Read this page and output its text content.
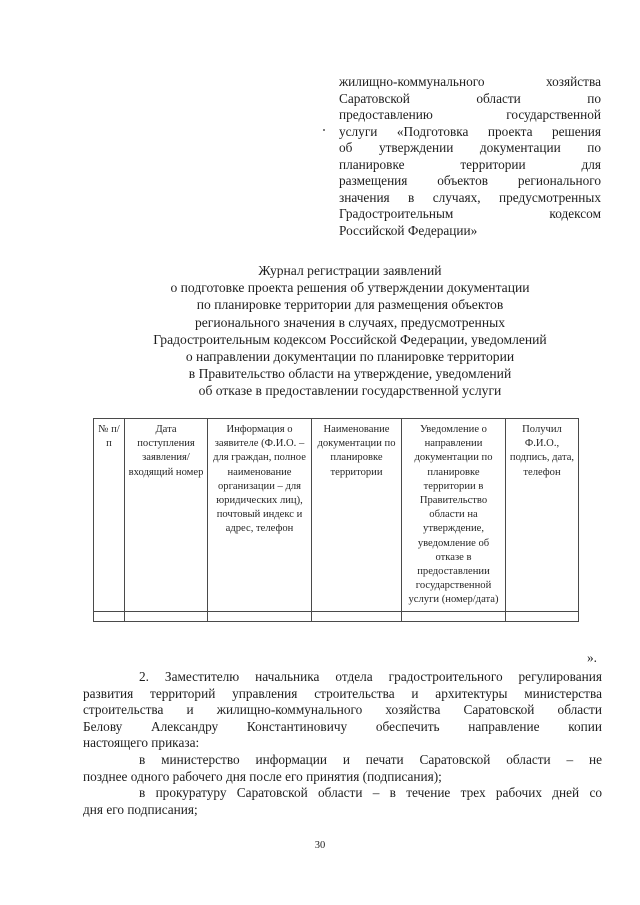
жилищно-коммунального хозяйства
Саратовской области по
предоставлению государственной
услуги «Подготовка проекта решения
об утверждении документации по
планировке территории для
размещения объектов регионального
значения в случаях, предусмотренных
Градостроительным кодексом
Российской Федерации»
Журнал регистрации заявлений
о подготовке проекта решения об утверждении документации
по планировке территории для размещения объектов
регионального значения в случаях, предусмотренных
Градостроительным кодексом Российской Федерации, уведомлений
о направлении документации по планировке территории
в Правительство области на утверждение, уведомлений
об отказе в предоставлении государственной услуги
№ п/п	Дата поступления заявления/ входящий номер	Информация о заявителе (Ф.И.О. – для граждан, полное наименование организации – для юридических лиц), почтовый индекс и адрес, телефон	Наименование документации по планировке территории	Уведомление о направлении документации по планировке территории в Правительство области на утверждение, уведомление об отказе в предоставлении государственной услуги (номер/дата)	Получил Ф.И.О., подпись, дата, телефон

».
2. Заместителю начальника отдела градостроительного регулирования
развития территорий управления строительства и архитектуры министерства
строительства и жилищно-коммунального хозяйства Саратовской области
Белову Александру Константиновичу обеспечить направление копии
настоящего приказа:
в министерство информации и печати Саратовской области – не
позднее одного рабочего дня после его принятия (подписания);
в прокуратуру Саратовской области – в течение трех рабочих дней со
дня его подписания;
30
